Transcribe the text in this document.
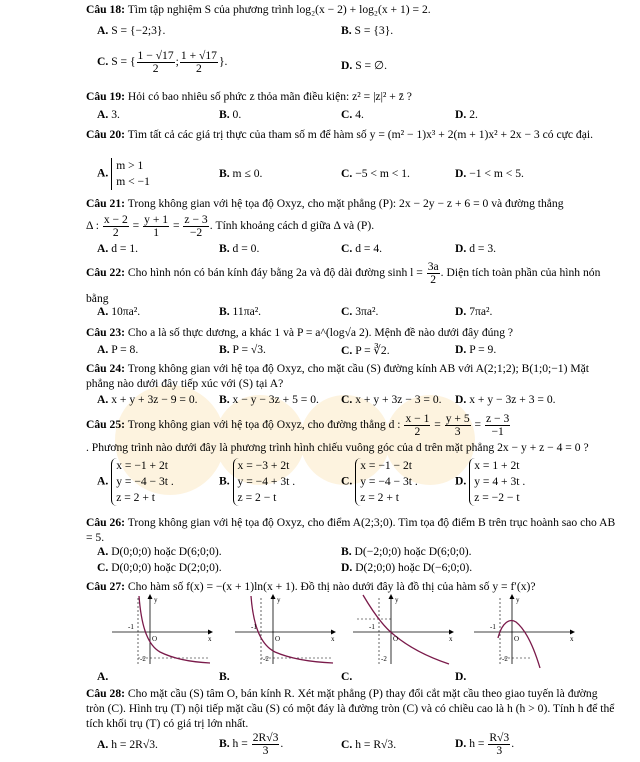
Câu 18: Tìm tập nghiệm S của phương trình log₂(x − 2) + log₂(x + 1) = 2.
A. S = {−2;3}.	B. S = {3}.
C. S = { $\frac{1 - √17}{2}$ ; $\frac{1 + √17}{2}$ }.	D. S = ∅.
Câu 19: Hỏi có bao nhiêu số phức z thỏa mãn điều kiện: z² = |z|² + z̄ ?
A. 3.	B. 0.	C. 4.	D. 2.
Câu 20: Tìm tất cả các giá trị thực của tham số m để hàm số y = (m² − 1)x³ + 2(m + 1)x² + 2x − 3 có cực đại.
A.
m > 1
m < −1
B. m ≤ 0.	C. −5 < m < 1.	D. −1 < m < 5.
Câu 21: Trong không gian với hệ tọa độ Oxyz, cho mặt phẳng (P): 2x − 2y − z + 6 = 0 và đường thẳng
Δ : $\frac{x - 2}{2} = \frac{y + 1}{1} = \frac{z - 3}{-2}$ . Tính khoảng cách d giữa Δ và (P).
A. d = 1.	B. d = 0.	C. d = 4.	D. d = 3.
Câu 22: Cho hình nón có bán kính đáy bằng 2a và độ dài đường $\sinh l = \frac{3a}{2}$ . Diện tích toàn phần của hình nón bằng
A. 10πa².	B. 11πa².	C. 3πa².	D. 7πa².
Câu 23: Cho a là số thực dương, a khác 1 và P = a^(log√a 2). Mệnh đề nào dưới đây đúng ?
A. P = 8.	B. P = √3.	C. P = ∛2.	D. P = 9.
Câu 24: Trong không gian với hệ tọa độ Oxyz, cho mặt cầu (S) đường kính AB với A(2;1;2); B(1;0;−1) Mặt phẳng nào dưới đây tiếp xúc với (S) tại A?
A. x + y + 3z − 9 = 0. B. x − y − 3z + 5 = 0. C. x + y + 3z − 3 = 0. D. x + y − 3z + 3 = 0.
Câu 25: Trong không gian với hệ tọa độ Oxyz, cho đường thẳng d : $\frac{x - 1}{2} = \frac{y + 5}{3} = \frac{z - 3}{-1}$
. Phương trình nào dưới đây là phương trình hình chiếu vuông góc của d trên mặt phẳng 2x − y + z − 4 = 0 ?
A.
x = −1 + 2t
y = −4 − 3t .
z = 2 + t
B.
x = −3 + 2t
y = −4 + 3t .
z = 2 − t
C.
x = −1 − 2t
y = −4 − 3t .
z = 2 + t
D.
x = 1 + 2t
y = 4 + 3t .
z = −2 − t
Câu 26: Trong không gian với hệ tọa độ Oxyz, cho điểm A(2;3;0). Tìm tọa độ điểm B trên trục hoành sao cho AB = 5.
A. D(0;0;0) hoặc D(6;0;0).	B. D(−2;0;0) hoặc D(6;0;0).
C. D(0;0;0) hoặc D(2;0;0).	D. D(2;0;0) hoặc D(−6;0;0).
Câu 27: Cho hàm số f(x) = −(x + 1)ln(x + 1). Đồ thị nào dưới đây là đồ thị của hàm số y = f′(x)?
y
x
-1
O
-2
y
x
-1
O
-2
y
x
-1
O
-2
y
x
-1
O
-2
A.	B.	C.	D.
Câu 28: Cho mặt cầu (S) tâm O, bán kính R. Xét mặt phẳng (P) thay đổi cắt mặt cầu theo giao tuyến là đường tròn (C). Hình trụ (T) nội tiếp mặt cầu (S) có một đáy là đường tròn (C) và có chiều cao là h (h > 0). Tính h để thể tích khối trụ (T) có giá trị lớn nhất.
A. h = 2R√3.	B. $h = \frac{2R√3}{3}$ .	C. h = R√3.	D. $h = \frac{R√3}{3}$ .
